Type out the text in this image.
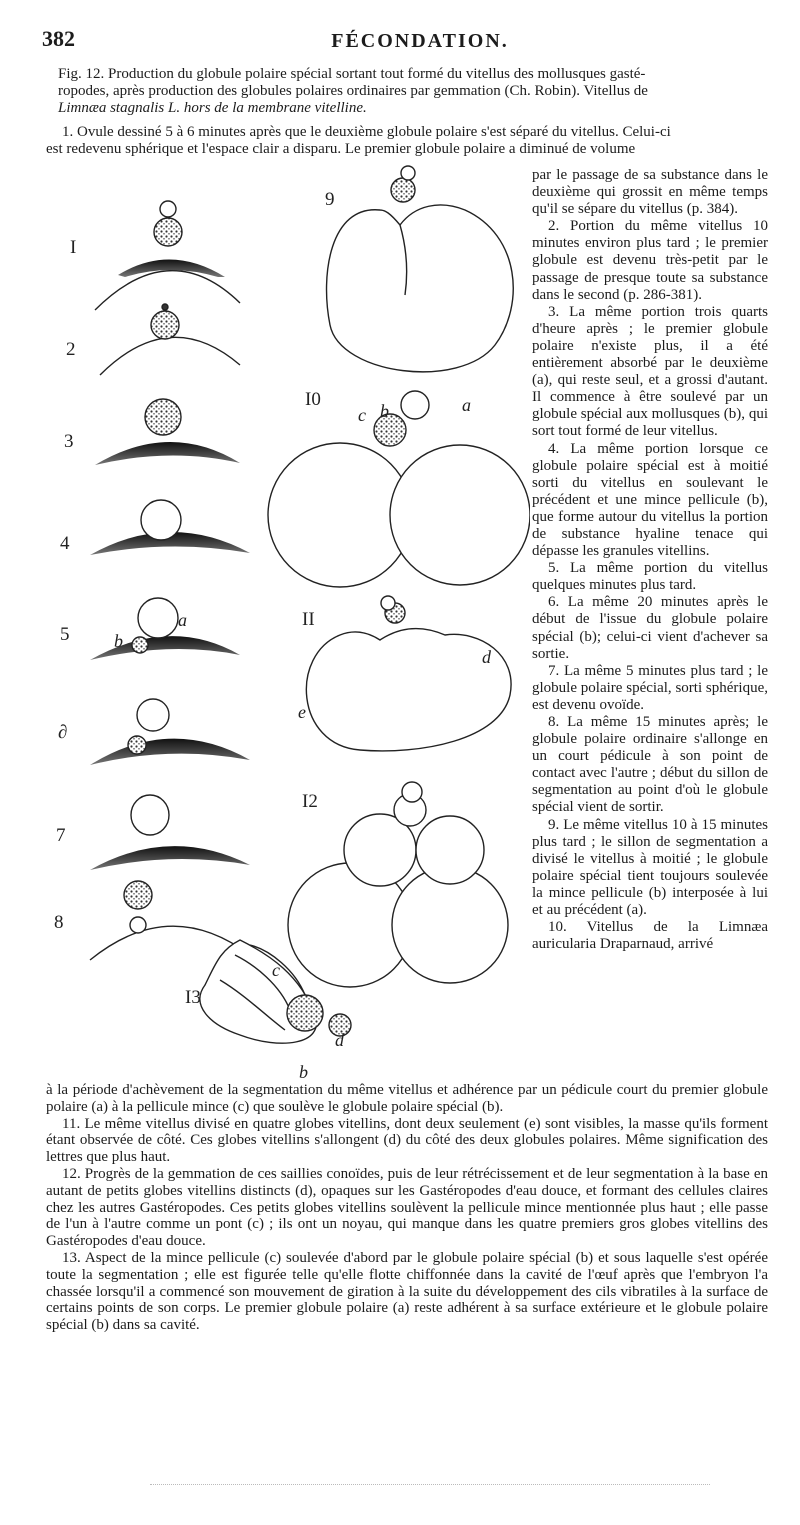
382	FÉCONDATION.

Fig. 12. Production du globule polaire spécial sortant tout formé du vitellus des mollusques gasté-

ropodes, après production des globules polaires ordinaires par gemmation (Ch. Robin). Vitellus de

Limnæa stagnalis L. hors de la membrane vitelline.

1. Ovule dessiné 5 à 6 minutes après que le deuxième globule polaire s'est séparé du vitellus. Celui-ci

est redevenu sphérique et l'espace clair a disparu. Le premier globule polaire a diminué de volume

I
2
3
4
5
∂
7
8
9
I0
II
I2
I3
a
b
a
b
c
d
e
d
c
b

par le passage de sa substance dans le deuxième qui grossit en même temps qu'il se sépare du vitellus (p. 384).

2. Portion du même vitellus 10 minutes environ plus tard ; le premier globule est devenu très-petit par le passage de presque toute sa substance dans le second (p. 286-381).

3. La même portion trois quarts d'heure après ; le premier globule polaire n'existe plus, il a été entièrement absorbé par le deuxième (a), qui reste seul, et a grossi d'autant. Il commence à être soulevé par un globule spécial aux mollusques (b), qui sort tout formé de leur vitellus.

4. La même portion lorsque ce globule polaire spécial est à moitié sorti du vitellus en soulevant le précédent et une mince pellicule (b), que forme autour du vitellus la portion de substance hyaline tenace qui dépasse les granules vitellins.

5. La même portion du vitellus quelques minutes plus tard.

6. La même 20 minutes après le début de l'issue du globule polaire spécial (b); celui-ci vient d'achever sa sortie.

7. La même 5 minutes plus tard ; le globule polaire spécial, sorti sphérique, est devenu ovoïde.

8. La même 15 minutes après; le globule polaire ordinaire s'allonge en un court pédicule à son point de contact avec l'autre ; début du sillon de segmentation au point d'où le globule spécial vient de sortir.

9. Le même vitellus 10 à 15 minutes plus tard ; le sillon de segmentation a divisé le vitellus à moitié ; le globule polaire spécial tient toujours soulevée la mince pellicule (b) interposée à lui et au précédent (a).

10. Vitellus de la Limnæa auricularia Draparnaud, arrivé

à la période d'achèvement de la segmentation du même vitellus et adhérence par un pédicule court du premier globule polaire (a) à la pellicule mince (c) que soulève le globule polaire spécial (b).

11. Le même vitellus divisé en quatre globes vitellins, dont deux seulement (e) sont visibles, la masse qu'ils forment étant observée de côté. Ces globes vitellins s'allongent (d) du côté des deux globules polaires. Même signification des lettres que plus haut.

12. Progrès de la gemmation de ces saillies conoïdes, puis de leur rétrécissement et de leur segmentation à la base en autant de petits globes vitellins distincts (d), opaques sur les Gastéropodes d'eau douce, et formant des cellules claires chez les autres Gastéropodes. Ces petits globes vitellins soulèvent la pellicule mince mentionnée plus haut ; elle passe de l'un à l'autre comme un pont (c) ; ils ont un noyau, qui manque dans les quatre premiers gros globes vitellins des Gastéropodes d'eau douce.

13. Aspect de la mince pellicule (c) soulevée d'abord par le globule polaire spécial (b) et sous laquelle s'est opérée toute la segmentation ; elle est figurée telle qu'elle flotte chiffonnée dans la cavité de l'œuf après que l'embryon l'a chassée lorsqu'il a commencé son mouvement de giration à la suite du développement des cils vibratiles à la surface de certains points de son corps. Le premier globule polaire (a) reste adhérent à sa surface extérieure et le globule polaire spécial (b) dans sa cavité.
